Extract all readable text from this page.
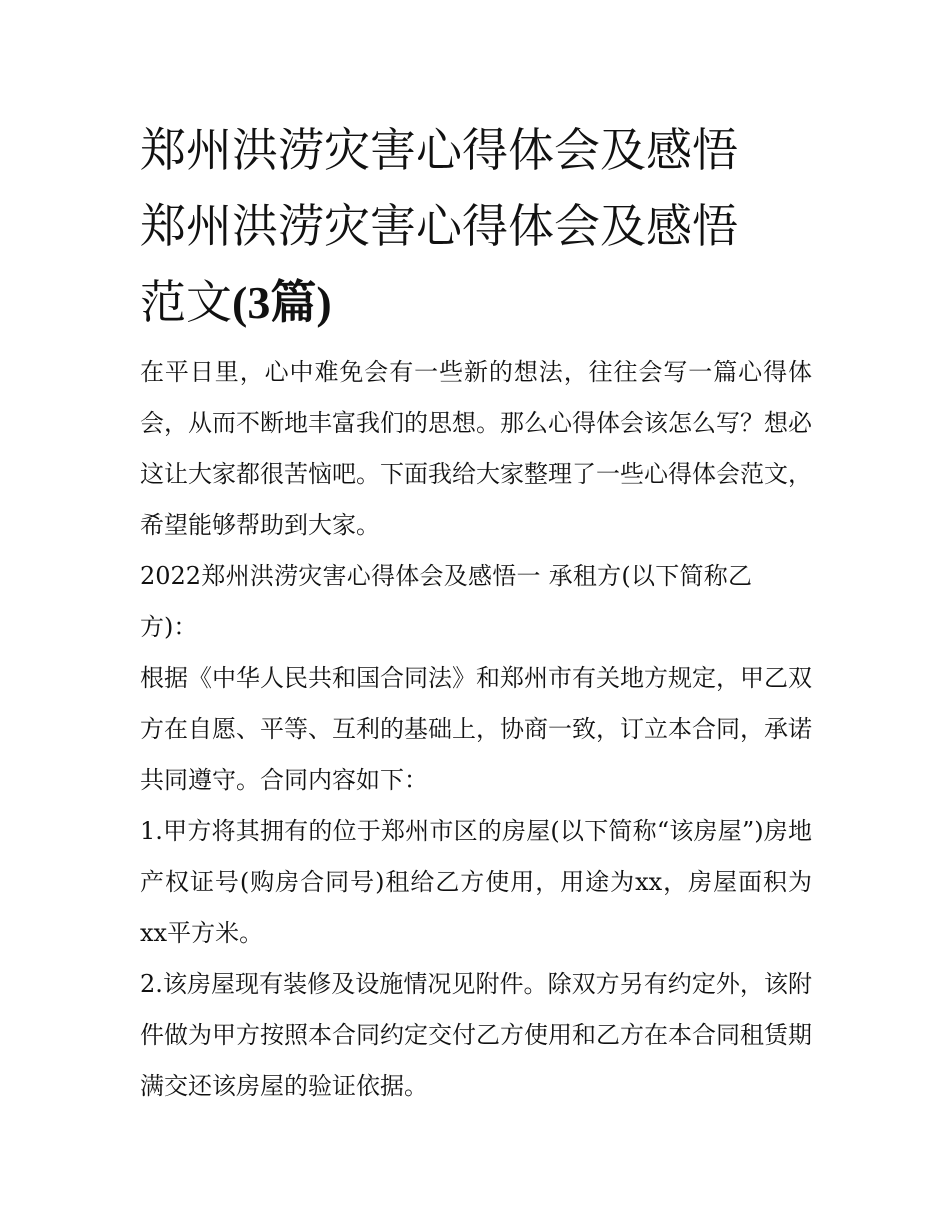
郑州洪涝灾害心得体会及感悟
郑州洪涝灾害心得体会及感悟
范文(3篇)

在平日里，心中难免会有一些新的想法，往往会写一篇心得体会，从而不断地丰富我们的思想。那么心得体会该怎么写？想必这让大家都很苦恼吧。下面我给大家整理了一些心得体会范文，希望能够帮助到大家。

2022郑州洪涝灾害心得体会及感悟一 承租方(以下简称乙方)：

根据《中华人民共和国合同法》和郑州市有关地方规定，甲乙双方在自愿、平等、互利的基础上，协商一致，订立本合同，承诺共同遵守。合同内容如下：

1.甲方将其拥有的位于郑州市区的房屋(以下简称“该房屋”)房地产权证号(购房合同号)租给乙方使用，用途为xx，房屋面积为xx平方米。

2.该房屋现有装修及设施情况见附件。除双方另有约定外，该附件做为甲方按照本合同约定交付乙方使用和乙方在本合同租赁期满交还该房屋的验证依据。
